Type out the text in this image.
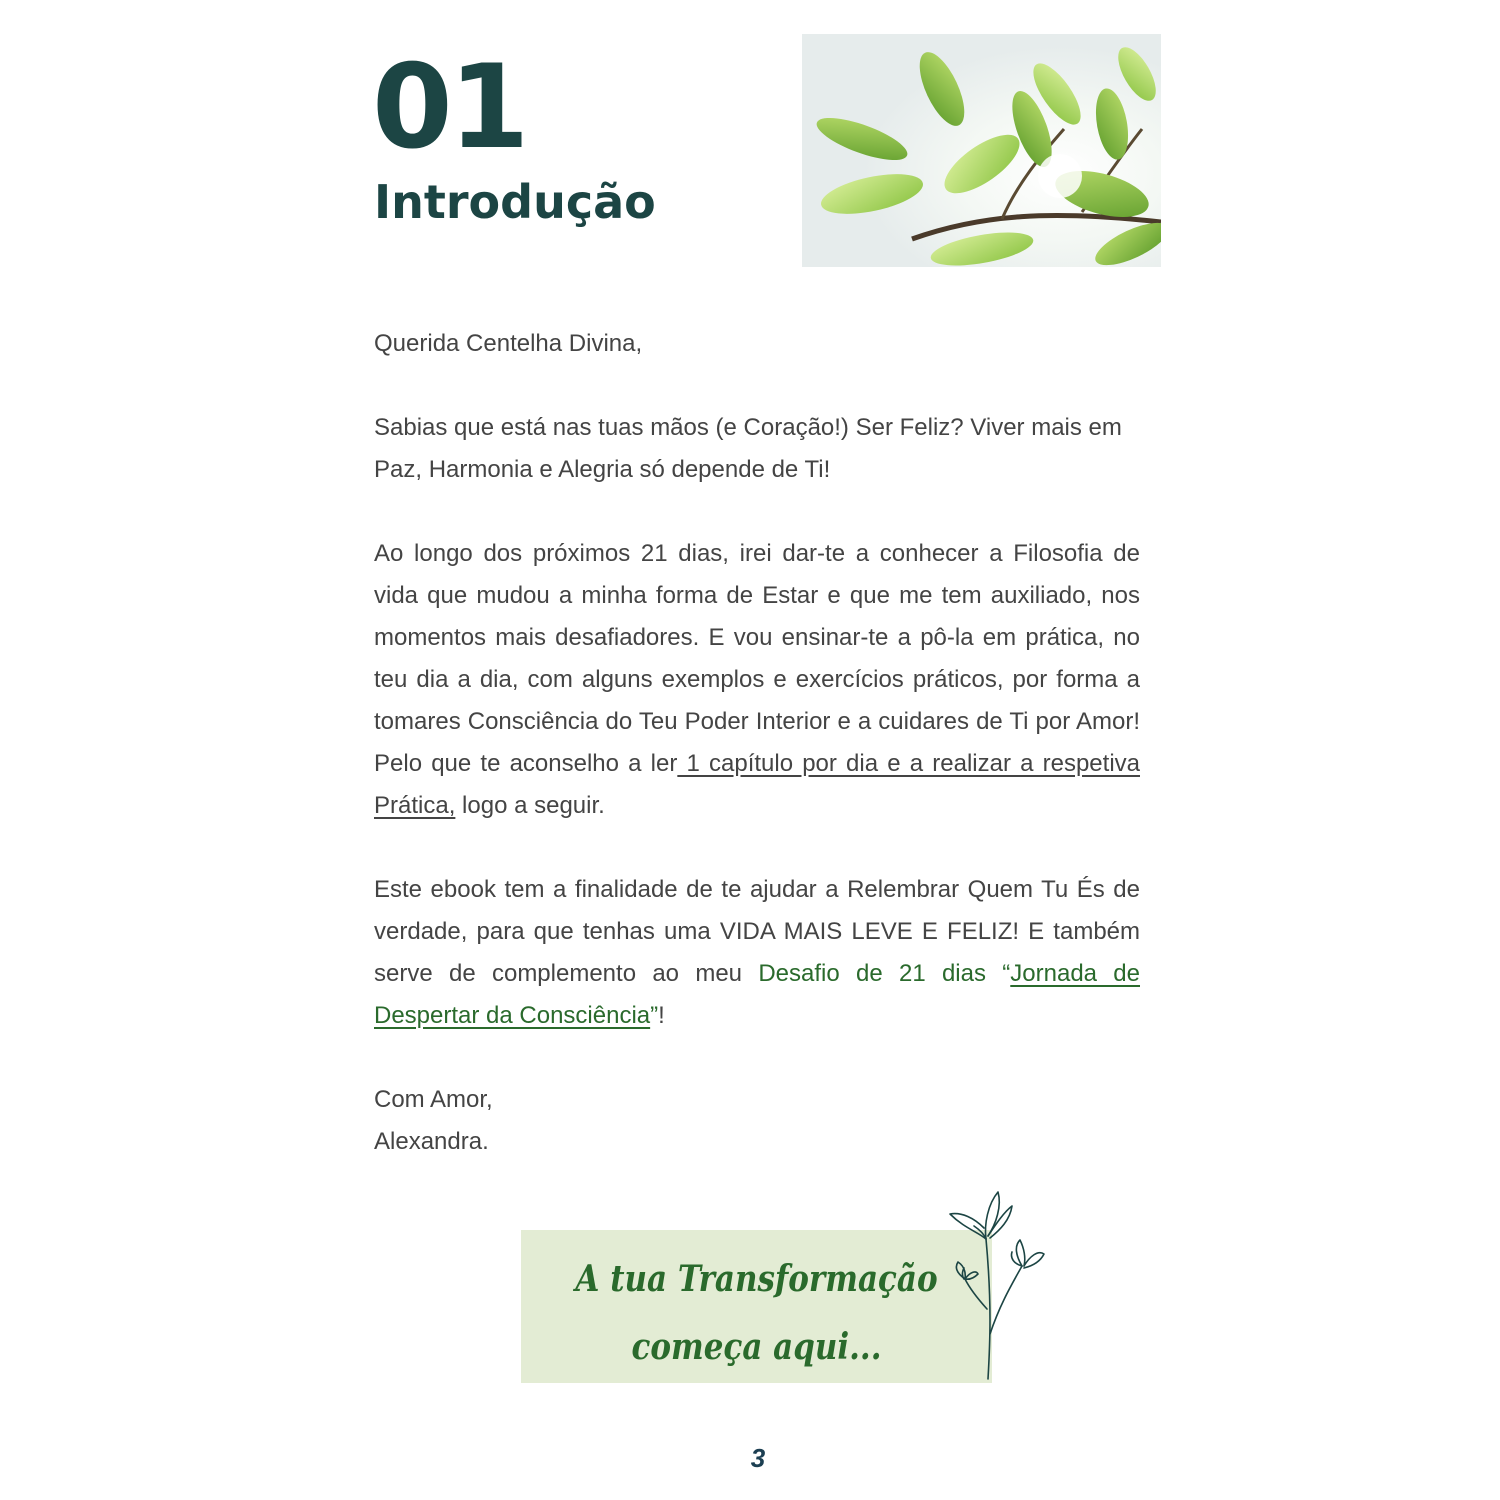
01
Introdução

Querida Centelha Divina,

Sabias que está nas tuas mãos (e Coração!) Ser Feliz? Viver mais em Paz, Harmonia e Alegria só depende de Ti!

Ao longo dos próximos 21 dias, irei dar-te a conhecer a Filosofia de vida que mudou a minha forma de Estar e que me tem auxiliado, nos momentos mais desafiadores. E vou ensinar-te a pô-la em prática, no teu dia a dia, com alguns exemplos e exercícios práticos, por forma a tomares Consciência do Teu Poder Interior e a cuidares de Ti por Amor! Pelo que te aconselho a ler 1 capítulo por dia e a realizar a respetiva Prática, logo a seguir.

Este ebook tem a finalidade de te ajudar a Relembrar Quem Tu És de verdade, para que tenhas uma VIDA MAIS LEVE E FELIZ! E também serve de complemento ao meu Desafio de 21 dias “Jornada de Despertar da Consciência”!

Com Amor,

Alexandra.

A tua Transformação
começa aqui...
3
